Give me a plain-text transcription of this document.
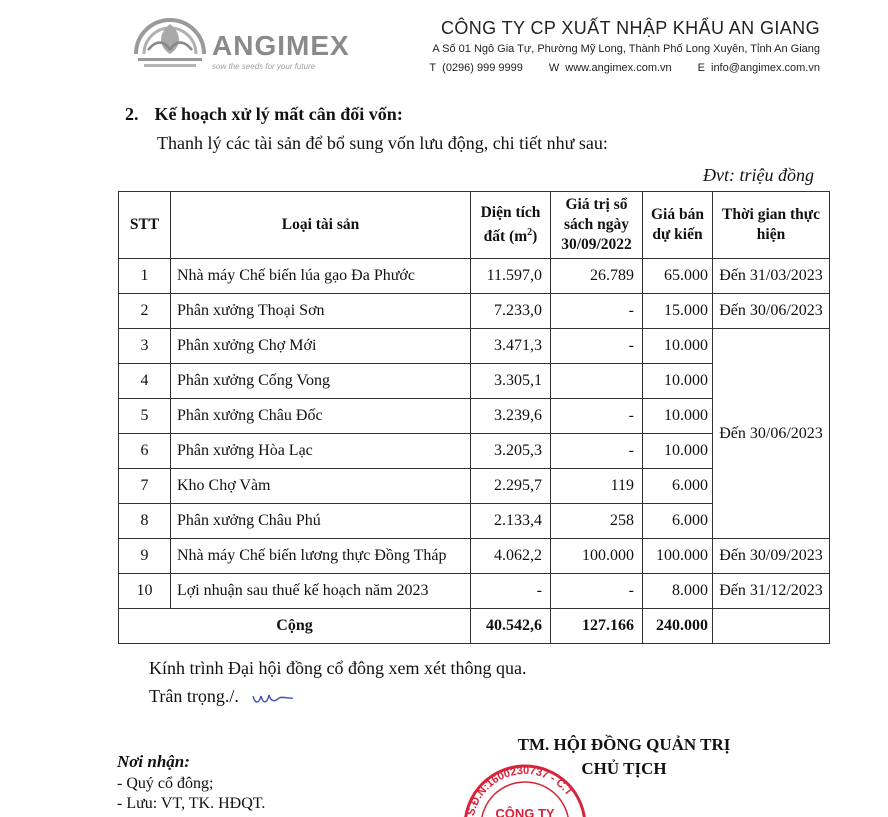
ANGIMEX
sow the seeds for your future
CÔNG TY CP XUẤT NHẬP KHẨU AN GIANG
A Số 01 Ngô Gia Tự, Phường Mỹ Long, Thành Phố Long Xuyên, Tỉnh An Giang
T (0296) 999 9999 W www.angimex.com.vn E info@angimex.com.vn
2. Kế hoạch xử lý mất cân đối vốn:
Thanh lý các tài sản để bổ sung vốn lưu động, chi tiết như sau:
Đvt: triệu đồng
STT	Loại tài sản	Diện tích đất $(m^2)$	Giá trị sổ sách ngày 30/09/2022	Giá bán dự kiến	Thời gian thực hiện
1	Nhà máy Chế biến lúa gạo Đa Phước	11.597,0	26.789	65.000	Đến 31/03/2023
2	Phân xưởng Thoại Sơn	7.233,0	-	15.000	Đến 30/06/2023
3	Phân xưởng Chợ Mới	3.471,3	-	10.000	Đến 30/06/2023
4	Phân xưởng Cống Vong	3.305,1		10.000	
5	Phân xưởng Châu Đốc	3.239,6	-	10.000	
6	Phân xưởng Hòa Lạc	3.205,3	-	10.000	
7	Kho Chợ Vàm	2.295,7	119	6.000	
8	Phân xưởng Châu Phú	2.133,4	258	6.000	
9	Nhà máy Chế biến lương thực Đồng Tháp	4.062,2	100.000	100.000	Đến 30/09/2023
10	Lợi nhuận sau thuế kế hoạch năm 2023	-	-	8.000	Đến 31/12/2023
Cộng		40.542,6	127.166	240.000	
Kính trình Đại hội đồng cổ đông xem xét thông qua.
Trân trọng./.
Nơi nhận:
- Quý cổ đông;
- Lưu: VT, TK. HĐQT.
TM. HỘI ĐỒNG QUẢN TRỊ
CHỦ TỊCH
S.Đ.N:1600230737 - C.T
CÔNG TY
